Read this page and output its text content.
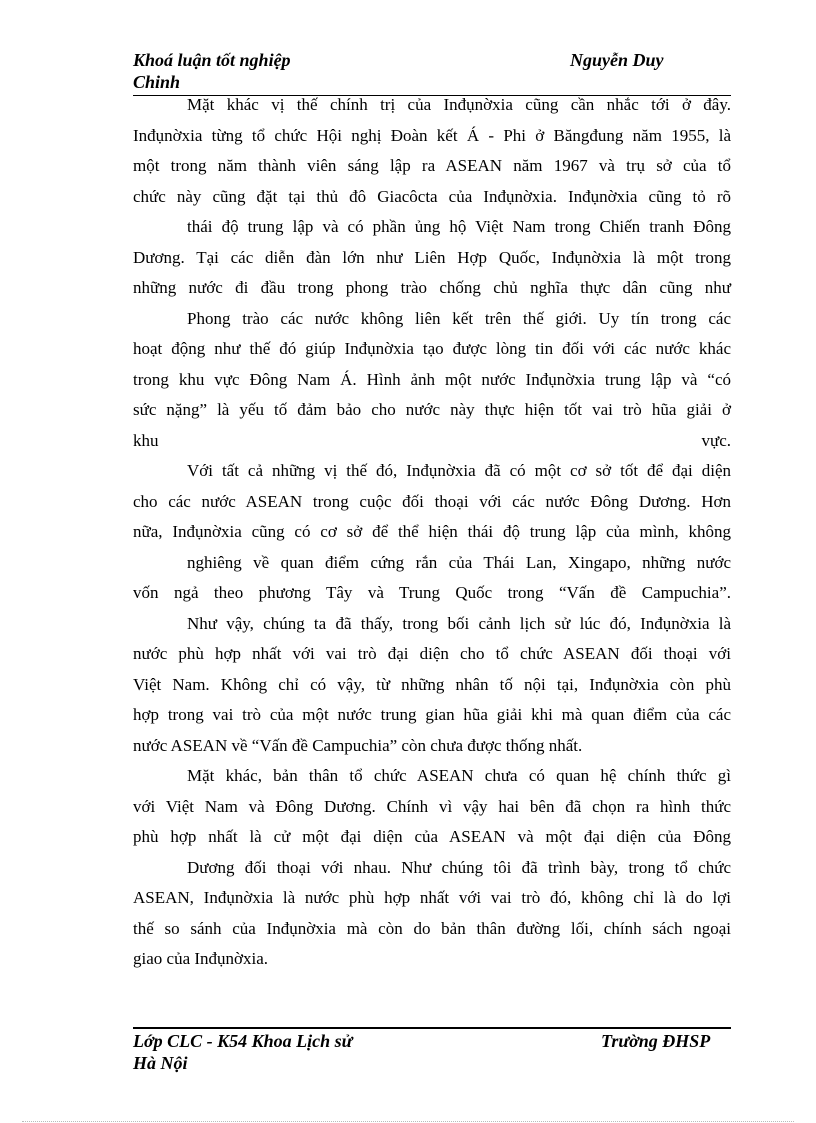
Khoá luận tốt nghiệp	Nguyễn Duy
Chinh
Mặt khác vị thế chính trị của Inđụnờxia cũng cần nhắc tới ở đây.
Inđụnờxia từng tổ chức Hội nghị Đoàn kết Á - Phi ở Băngđung năm 1955, là
một trong năm thành viên sáng lập ra ASEAN năm 1967 và trụ sở của tổ
chức này cũng đặt tại thủ đô Giacôcta của Inđụnờxia. Inđụnờxia cũng tỏ rõ
thái độ trung lập và có phần ủng hộ Việt Nam trong Chiến tranh Đông
Dương. Tại các diễn đàn lớn như Liên Hợp Quốc, Inđụnờxia là một trong
những nước đi đầu trong phong trào chống chủ nghĩa thực dân cũng như
Phong trào các nước không liên kết trên thế giới. Uy tín trong các
hoạt động như thế đó giúp Inđụnờxia tạo được lòng tin đối với các nước khác
trong khu vực Đông Nam Á. Hình ảnh một nước Inđụnờxia trung lập và “có
sức nặng” là yếu tố đảm bảo cho nước này thực hiện tốt vai trò hũa giải ở
khu vực.
Với tất cả những vị thế đó, Inđụnờxia đã có một cơ sở tốt để đại diện
cho các nước ASEAN trong cuộc đối thoại với các nước Đông Dương. Hơn
nữa, Inđụnờxia cũng có cơ sở để thể hiện thái độ trung lập của mình, không
nghiêng về quan điểm cứng rắn của Thái Lan, Xingapo, những nước
vốn ngả theo phương Tây và Trung Quốc trong “Vấn đề Campuchia”.
Như vậy, chúng ta đã thấy, trong bối cảnh lịch sử lúc đó, Inđụnờxia là
nước phù hợp nhất với vai trò đại diện cho tổ chức ASEAN đối thoại với
Việt Nam. Không chỉ có vậy, từ những nhân tố nội tại, Inđụnờxia còn phù
hợp trong vai trò của một nước trung gian hũa giải khi mà quan điểm của các
nước ASEAN về “Vấn đề Campuchia” còn chưa được thống nhất.
Mặt khác, bản thân tổ chức ASEAN chưa có quan hệ chính thức gì
với Việt Nam và Đông Dương. Chính vì vậy hai bên đã chọn ra hình thức
phù hợp nhất là cử một đại diện của ASEAN và một đại diện của Đông
Dương đối thoại với nhau. Như chúng tôi đã trình bày, trong tổ chức
ASEAN, Inđụnờxia là nước phù hợp nhất với vai trò đó, không chỉ là do lợi
thế so sánh của Inđụnờxia mà còn do bản thân đường lối, chính sách ngoại
giao của Inđụnờxia.
Lớp CLC - K54 Khoa Lịch sử	Trường ĐHSP
Hà Nội
